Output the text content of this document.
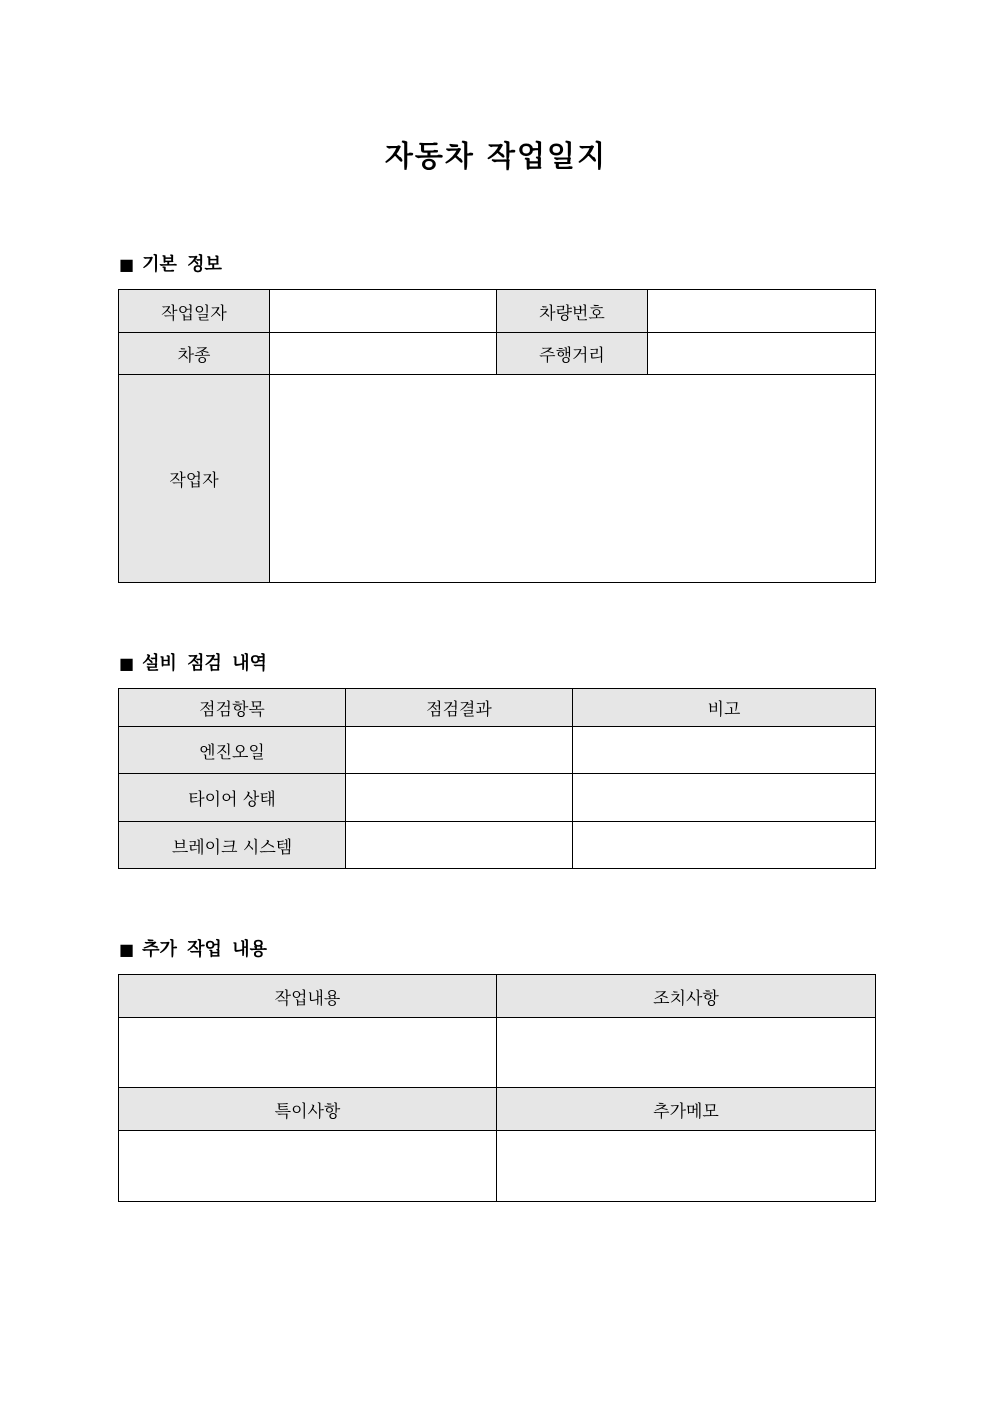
자동차 작업일지
■ 기본 정보
작업일자		차량번호	
차종		주행거리	
작업자			
■ 설비 점검 내역
점검항목	점검결과	비고
엔진오일		
타이어 상태		
브레이크 시스템		
■ 추가 작업 내용
작업내용	조치사항

특이사항	추가메모
